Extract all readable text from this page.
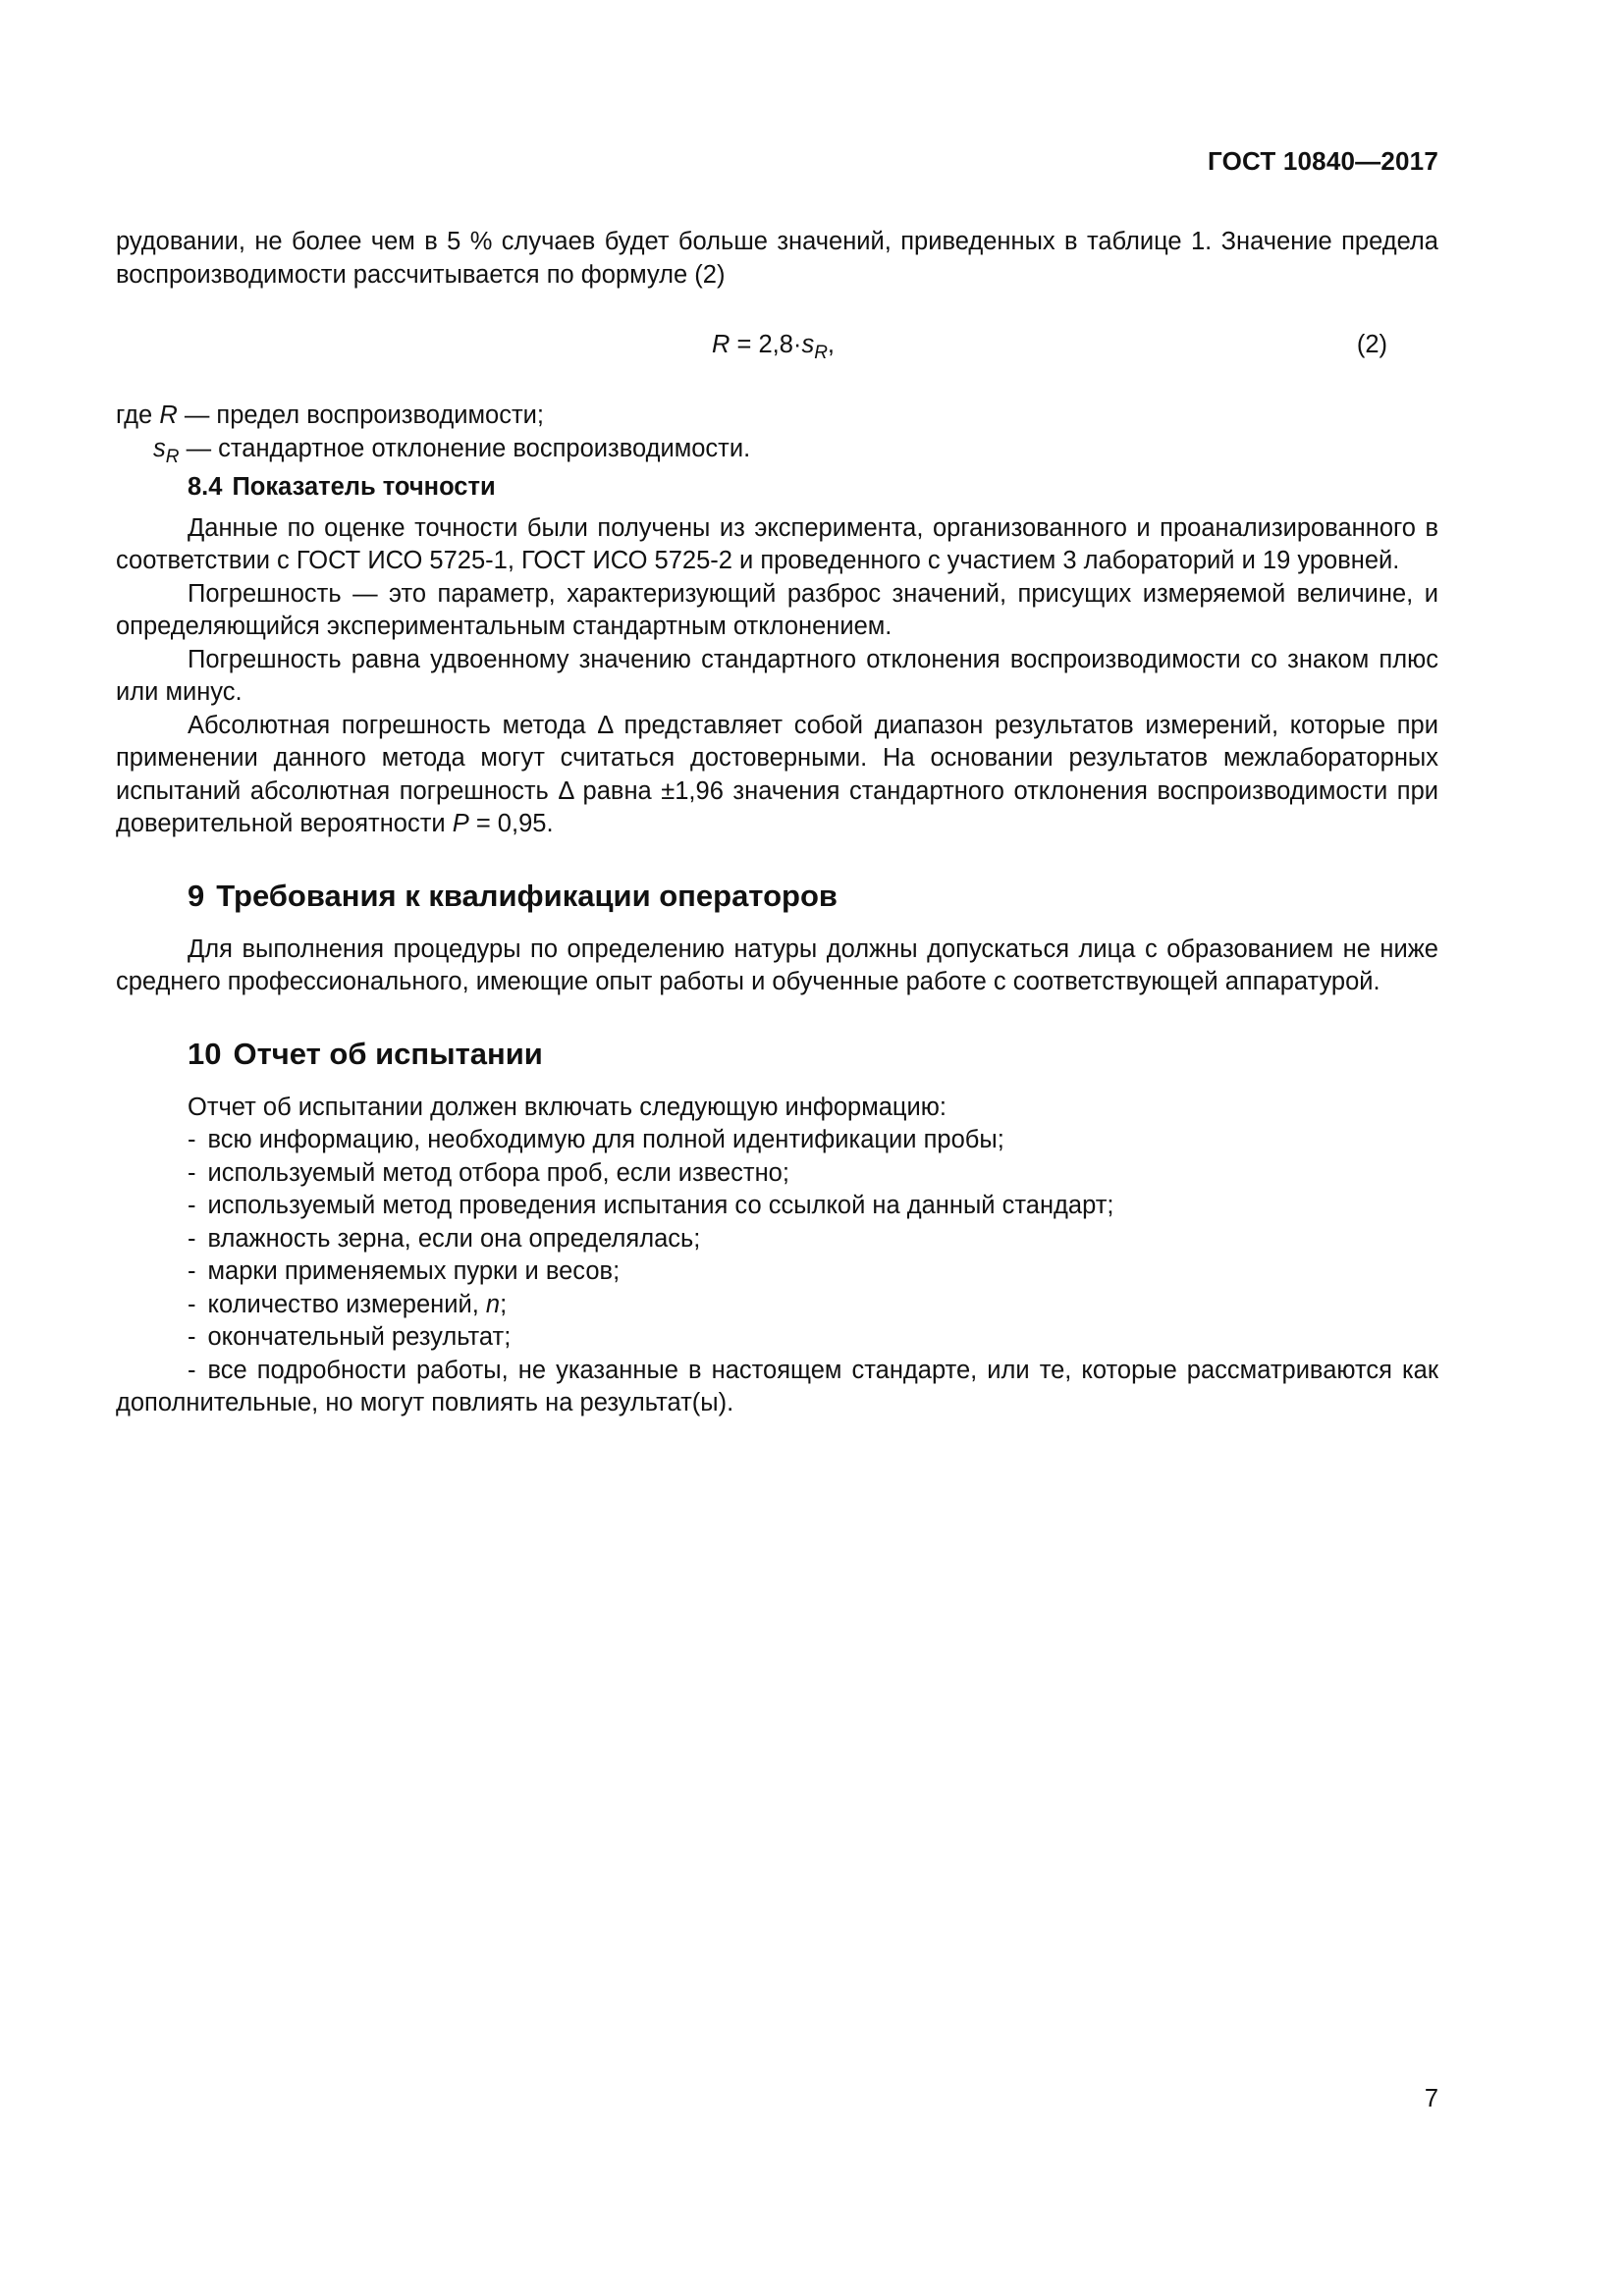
ГОСТ 10840—2017

рудовании, не более чем в 5 % случаев будет больше значений, приведенных в таблице 1. Значение предела воспроизводимости рассчитывается по формуле (2)

$R = 2,8\cdot s_R$,	(2)

где R — предел воспроизводимости;

$s_R$ — стандартное отклонение воспроизводимости.

8.4 Показатель точности

Данные по оценке точности были получены из эксперимента, организованного и проанализированного в соответствии с ГОСТ ИСО 5725-1, ГОСТ ИСО 5725-2 и проведенного с участием 3 лабораторий и 19 уровней.

Погрешность — это параметр, характеризующий разброс значений, присущих измеряемой величине, и определяющийся экспериментальным стандартным отклонением.

Погрешность равна удвоенному значению стандартного отклонения воспроизводимости со знаком плюс или минус.

Абсолютная погрешность метода Δ представляет собой диапазон результатов измерений, которые при применении данного метода могут считаться достоверными. На основании результатов межлабораторных испытаний абсолютная погрешность Δ равна ±1,96 значения стандартного отклонения воспроизводимости при доверительной вероятности P = 0,95.

9 Требования к квалификации операторов

Для выполнения процедуры по определению натуры должны допускаться лица с образованием не ниже среднего профессионального, имеющие опыт работы и обученные работе с соответствующей аппаратурой.

10 Отчет об испытании

Отчет об испытании должен включать следующую информацию:

- всю информацию, необходимую для полной идентификации пробы;
- используемый метод отбора проб, если известно;
- используемый метод проведения испытания со ссылкой на данный стандарт;
- влажность зерна, если она определялась;
- марки применяемых пурки и весов;
- количество измерений, n;
- окончательный результат;
- все подробности работы, не указанные в настоящем стандарте, или те, которые рассматриваются как дополнительные, но могут повлиять на результат(ы).
7
